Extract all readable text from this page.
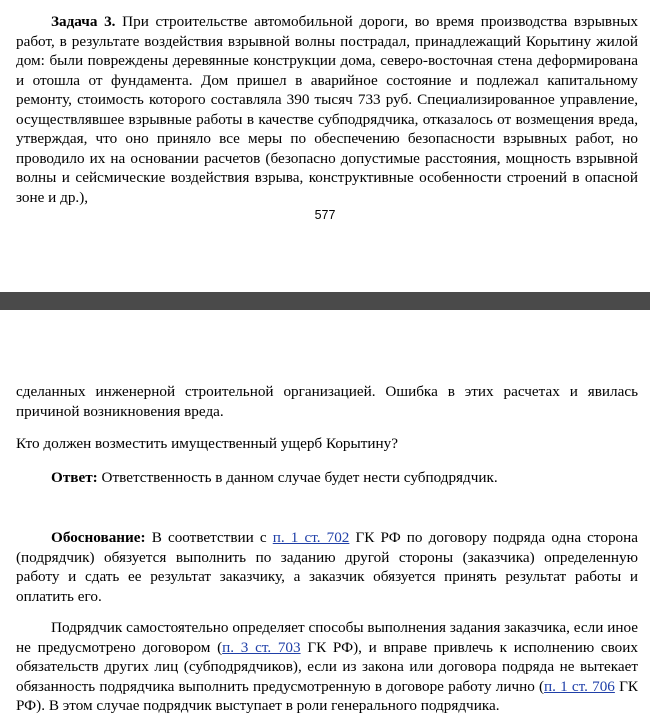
Задача 3. При строительстве автомобильной дороги, во время производства взрывных работ, в результате воздействия взрывной волны пострадал, принадлежащий Корытину жилой дом: были повреждены деревянные конструкции дома, северо-восточная стена деформирована и отошла от фундамента. Дом пришел в аварийное состояние и подлежал капитальному ремонту, стоимость которого составляла 390 тысяч 733 руб. Специализированное управление, осуществлявшее взрывные работы в качестве субподрядчика, отказалось от возмещения вреда, утверждая, что оно приняло все меры по обеспечению безопасности взрывных работ, но проводило их на основании расчетов (безопасно допустимые расстояния, мощность взрывной волны и сейсмические воздействия взрыва, конструктивные особенности строений в опасной зоне и др.),

577

сделанных инженерной строительной организацией. Ошибка в этих расчетах и явилась причиной возникновения вреда.

Кто должен возместить имущественный ущерб Корытину?

Ответ: Ответственность в данном случае будет нести субподрядчик.

Обоснование: В соответствии с п. 1 ст. 702 ГК РФ по договору подряда одна сторона (подрядчик) обязуется выполнить по заданию другой стороны (заказчика) определенную работу и сдать ее результат заказчику, а заказчик обязуется принять результат работы и оплатить его.

Подрядчик самостоятельно определяет способы выполнения задания заказчика, если иное не предусмотрено договором (п. 3 ст. 703 ГК РФ), и вправе привлечь к исполнению своих обязательств других лиц (субподрядчиков), если из закона или договора подряда не вытекает обязанность подрядчика выполнить предусмотренную в договоре работу лично (п. 1 ст. 706 ГК РФ). В этом случае подрядчик выступает в роли генерального подрядчика.
